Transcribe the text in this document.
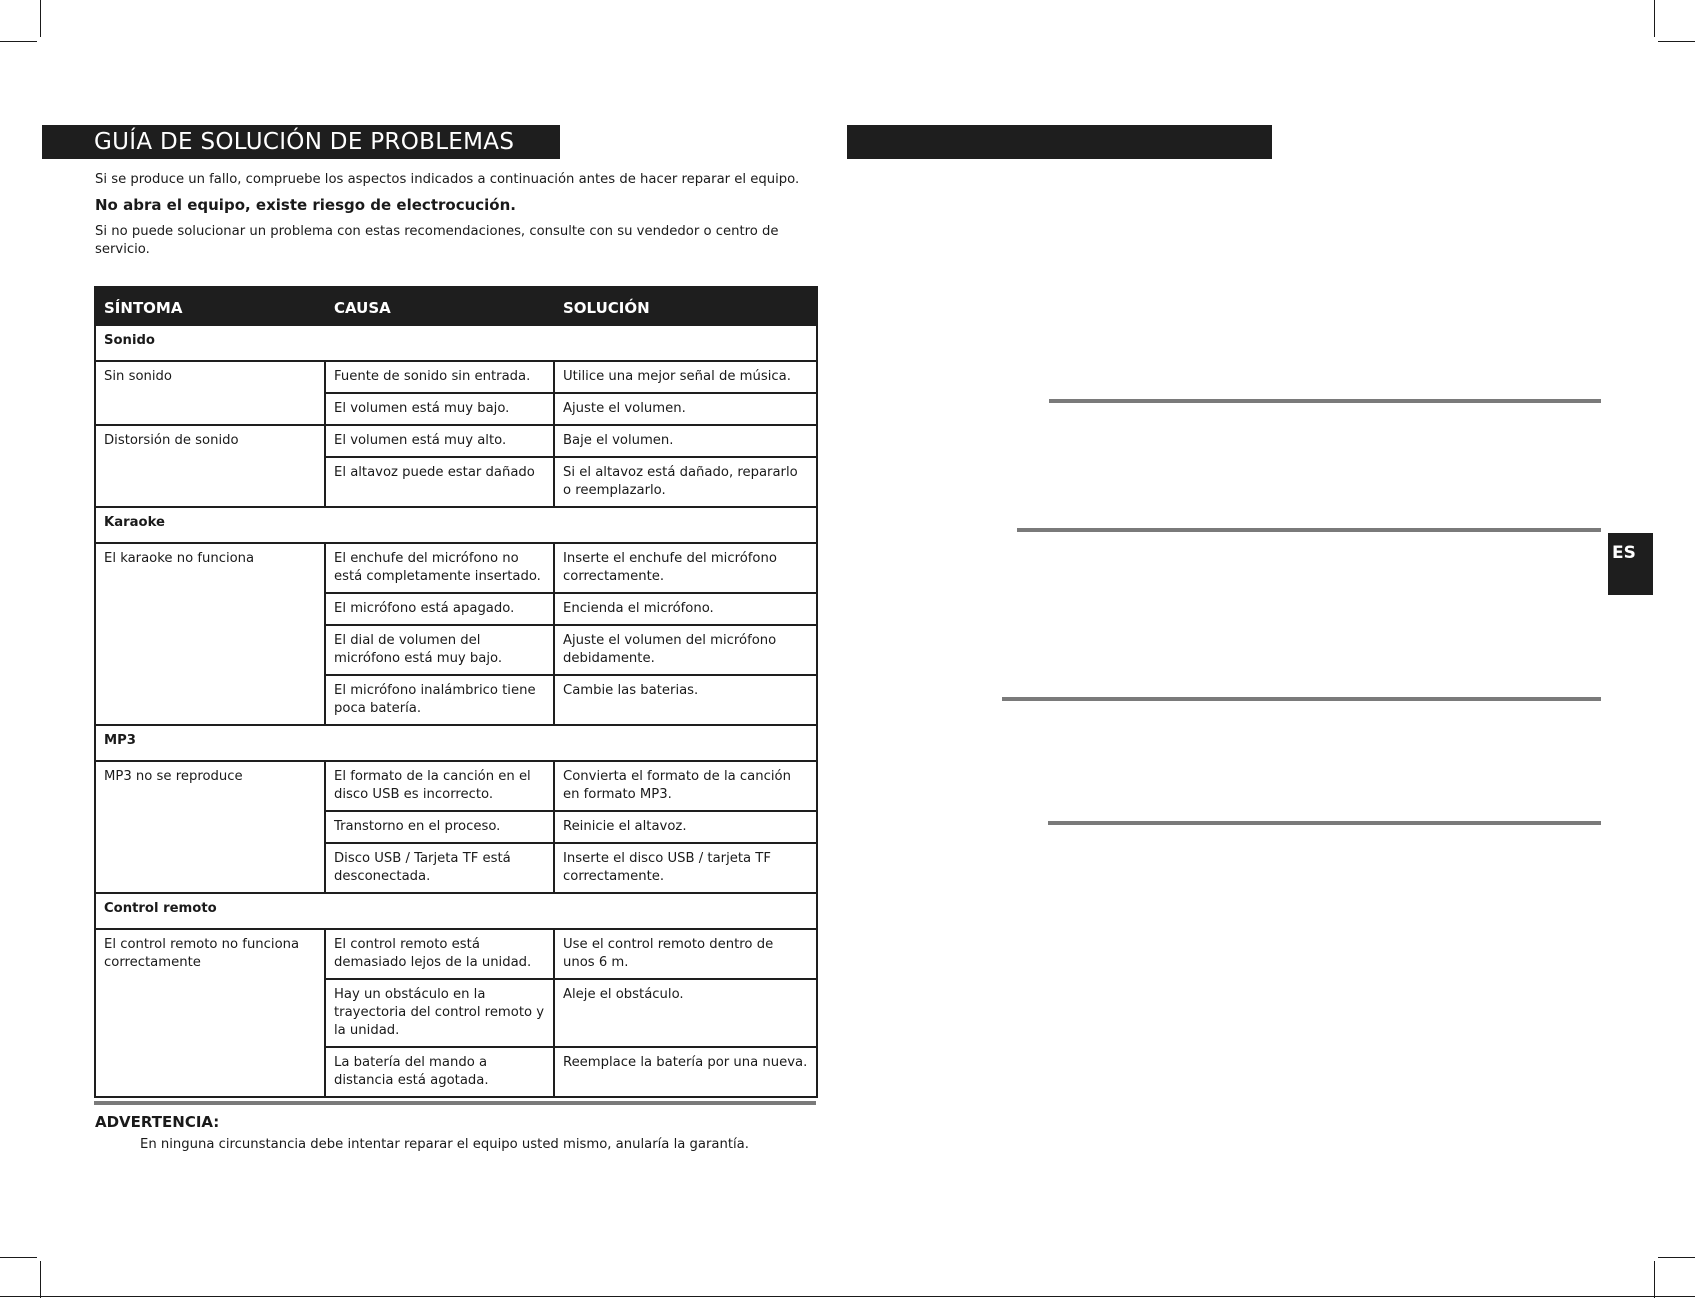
GUÍA DE SOLUCIÓN DE PROBLEMAS

Si se produce un fallo, compruebe los aspectos indicados a continuación antes de hacer reparar el equipo.

No abra el equipo, existe riesgo de electrocución.

Si no puede solucionar un problema con estas recomendaciones, consulte con su vendedor o centro de servicio.

SÍNTOMA	CAUSA	SOLUCIÓN
Sonido		
Sin sonido	Fuente de sonido sin entrada.	Utilice una mejor señal de música.
	El volumen está muy bajo.	Ajuste el volumen.
Distorsión de sonido	El volumen está muy alto.	Baje el volumen.
	El altavoz puede estar dañado	Si el altavoz está dañado, repararlo o reemplazarlo.
Karaoke		
El karaoke no funciona	El enchufe del micrófono no está completamente insertado.	Inserte el enchufe del micrófono correctamente.
	El micrófono está apagado.	Encienda el micrófono.
	El dial de volumen del micrófono está muy bajo.	Ajuste el volumen del micrófono debidamente.
	El micrófono inalámbrico tiene poca batería.	Cambie las baterias.
MP3		
MP3 no se reproduce	El formato de la canción en el disco USB es incorrecto.	Convierta el formato de la canción en formato MP3.
	Transtorno en el proceso.	Reinicie el altavoz.
	Disco USB / Tarjeta TF está desconectada.	Inserte el disco USB / tarjeta TF correctamente.
Control remoto		
El control remoto no funciona correctamente	El control remoto está demasiado lejos de la unidad.	Use el control remoto dentro de unos 6 m.
	Hay un obstáculo en la trayectoria del control remoto y la unidad.	Aleje el obstáculo.
	La batería del mando a distancia está agotada.	Reemplace la batería por una nueva.

ADVERTENCIA:

En ninguna circunstancia debe intentar reparar el equipo usted mismo, anularía la garantía.

ES
